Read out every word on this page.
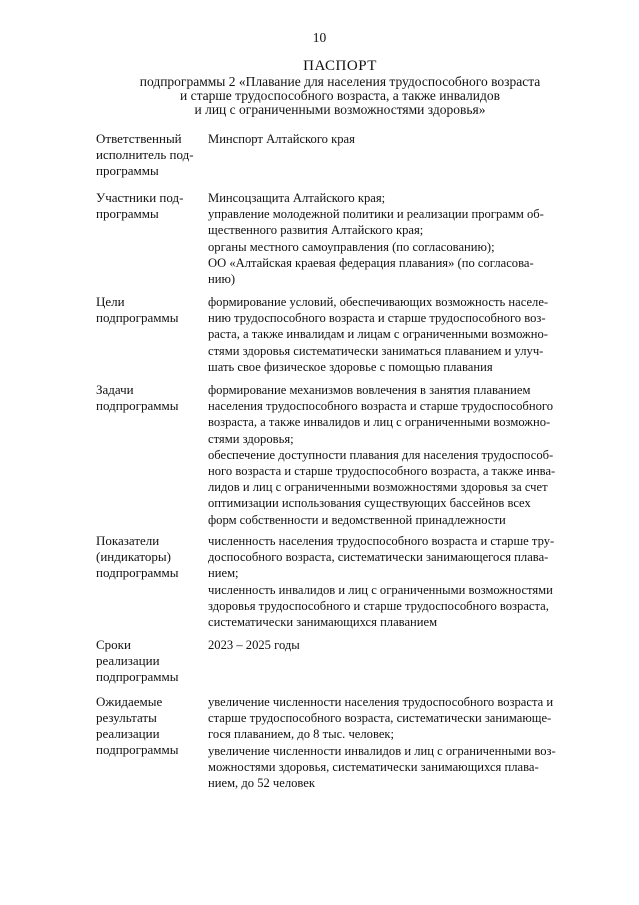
10
ПАСПОРТ
подпрограммы 2 «Плавание для населения трудоспособного возраста
и старше трудоспособного возраста, а также инвалидов
и лиц с ограниченными возможностями здоровья»
Ответственный
исполнитель под-
программы
Минспорт Алтайского края
Участники под-
программы
Минсоцзащита Алтайского края;
управление молодежной политики и реализации программ об-
щественного развития Алтайского края;
органы местного самоуправления (по согласованию);
ОО «Алтайская краевая федерация плавания» (по согласова-
нию)
Цели
подпрограммы
формирование условий, обеспечивающих возможность населе-
нию трудоспособного возраста и старше трудоспособного воз-
раста, а также инвалидам и лицам с ограниченными возможно-
стями здоровья систематически заниматься плаванием и улуч-
шать свое физическое здоровье с помощью плавания
Задачи
подпрограммы
формирование механизмов вовлечения в занятия плаванием
населения трудоспособного возраста и старше трудоспособного
возраста, а также инвалидов и лиц с ограниченными возможно-
стями здоровья;
обеспечение доступности плавания для населения трудоспособ-
ного возраста и старше трудоспособного возраста, а также инва-
лидов и лиц с ограниченными возможностями здоровья за счет
оптимизации использования существующих бассейнов всех
форм собственности и ведомственной принадлежности
Показатели
(индикаторы)
подпрограммы
численность населения трудоспособного возраста и старше тру-
доспособного возраста, систематически занимающегося плава-
нием;
численность инвалидов и лиц с ограниченными возможностями
здоровья трудоспособного и старше трудоспособного возраста,
систематически занимающихся плаванием
Сроки
реализации
подпрограммы
2023 – 2025 годы
Ожидаемые
результаты
реализации
подпрограммы
увеличение численности населения трудоспособного возраста и
старше трудоспособного возраста, систематически занимающе-
гося плаванием, до 8 тыс. человек;
увеличение численности инвалидов и лиц с ограниченными воз-
можностями здоровья, систематически занимающихся плава-
нием, до 52 человек
